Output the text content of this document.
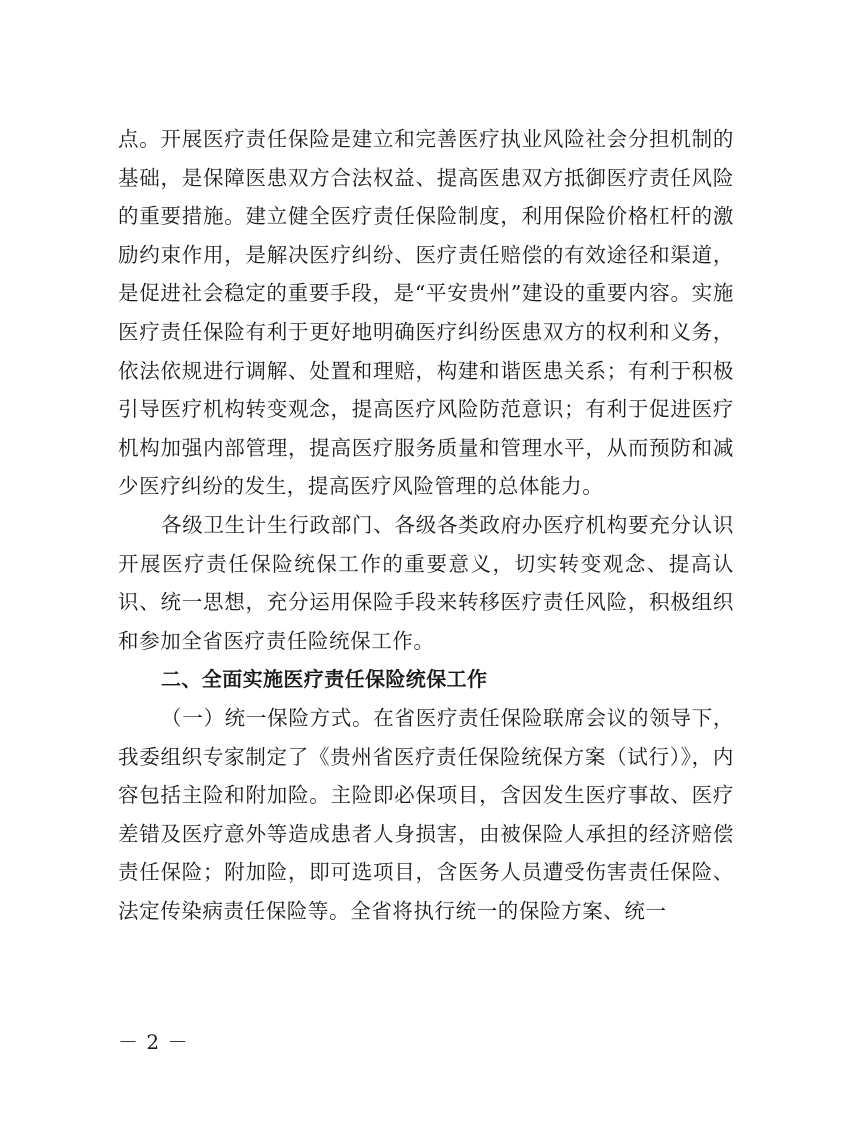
点。开展医疗责任保险是建立和完善医疗执业风险社会分担机制的基础，是保障医患双方合法权益、提高医患双方抵御医疗责任风险的重要措施。建立健全医疗责任保险制度，利用保险价格杠杆的激励约束作用，是解决医疗纠纷、医疗责任赔偿的有效途径和渠道，是促进社会稳定的重要手段，是“平安贵州”建设的重要内容。实施医疗责任保险有利于更好地明确医疗纠纷医患双方的权利和义务，依法依规进行调解、处置和理赔，构建和谐医患关系；有利于积极引导医疗机构转变观念，提高医疗风险防范意识；有利于促进医疗机构加强内部管理，提高医疗服务质量和管理水平，从而预防和减少医疗纠纷的发生，提高医疗风险管理的总体能力。

各级卫生计生行政部门、各级各类政府办医疗机构要充分认识开展医疗责任保险统保工作的重要意义，切实转变观念、提高认识、统一思想，充分运用保险手段来转移医疗责任风险，积极组织和参加全省医疗责任险统保工作。

二、全面实施医疗责任保险统保工作

（一）统一保险方式。在省医疗责任保险联席会议的领导下，我委组织专家制定了《贵州省医疗责任保险统保方案（试行）》，内容包括主险和附加险。主险即必保项目，含因发生医疗事故、医疗差错及医疗意外等造成患者人身损害，由被保险人承担的经济赔偿责任保险；附加险，即可选项目，含医务人员遭受伤害责任保险、法定传染病责任保险等。全省将执行统一的保险方案、统一

－ 2 －
